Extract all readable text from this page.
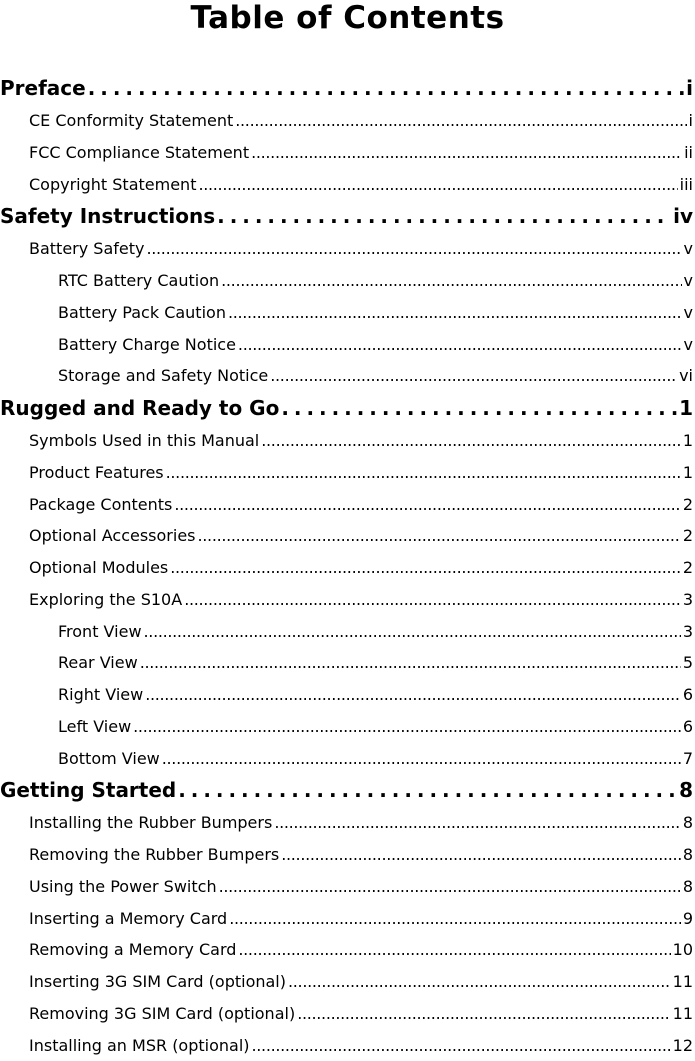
Table of Contents
Preface . . .	i
CE Conformity Statement . . .	i
FCC Compliance Statement . . .	ii
Copyright Statement . . .	iii
Safety Instructions . . .	iv
Battery Safety . . .	v
RTC Battery Caution . . .	v
Battery Pack Caution . . .	v
Battery Charge Notice . . .	v
Storage and Safety Notice . . .	vi
Rugged and Ready to Go . . .	1
Symbols Used in this Manual . . .	1
Product Features . . .	1
Package Contents . . .	2
Optional Accessories . . .	2
Optional Modules . . .	2
Exploring the S10A . . .	3
Front View . . .	3
Rear View . . .	5
Right View . . .	6
Left View . . .	6
Bottom View . . .	7
Getting Started . . .	8
Installing the Rubber Bumpers . . .	8
Removing the Rubber Bumpers . . .	8
Using the Power Switch . . .	8
Inserting a Memory Card . . .	9
Removing a Memory Card . . .	10
Inserting 3G SIM Card (optional) . . .	11
Removing 3G SIM Card (optional) . . .	11
Installing an MSR (optional) . . .	12
